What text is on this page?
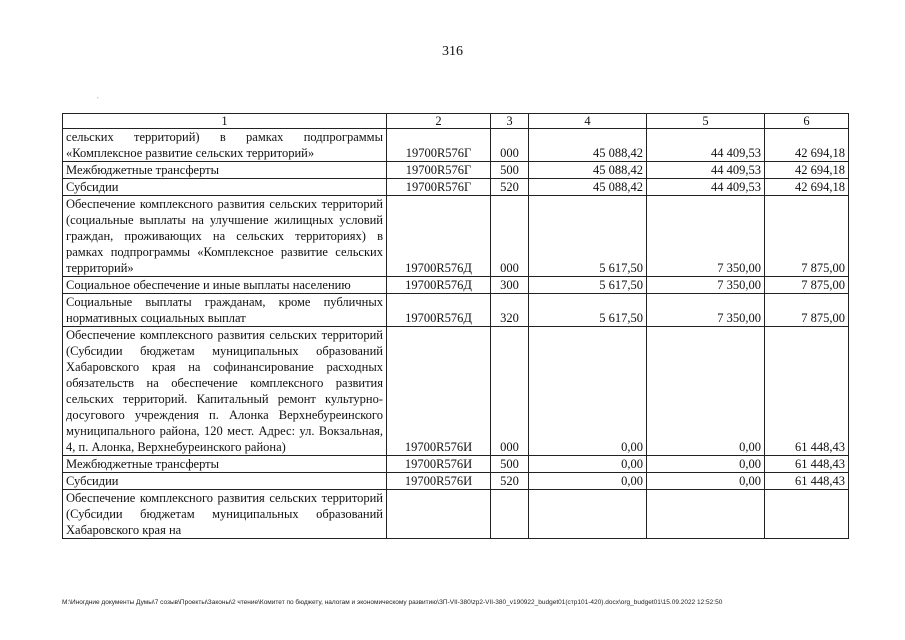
316
,
1	2	3	4	5	6
сельских территорий) в рамках подпрограммы «Комплексное развитие сельских территорий»	19700R576Г	000	45 088,42	44 409,53	42 694,18
Межбюджетные трансферты	19700R576Г	500	45 088,42	44 409,53	42 694,18
Субсидии	19700R576Г	520	45 088,42	44 409,53	42 694,18
Обеспечение комплексного развития сельских территорий (социальные выплаты на улучшение жилищных условий граждан, проживающих на сельских территориях) в рамках подпрограммы «Комплексное развитие сельских территорий»	19700R576Д	000	5 617,50	7 350,00	7 875,00
Социальное обеспечение и иные выплаты населению	19700R576Д	300	5 617,50	7 350,00	7 875,00
Социальные выплаты гражданам, кроме публичных нормативных социальных выплат	19700R576Д	320	5 617,50	7 350,00	7 875,00
Обеспечение комплексного развития сельских территорий (Субсидии бюджетам муниципальных образований Хабаровского края на софинансирование расходных обязательств на обеспечение комплексного развития сельских территорий. Капитальный ремонт культурно-досугового учреждения п. Алонка Верхнебуреинского муниципального района, 120 мест. Адрес: ул. Вокзальная, 4, п. Алонка, Верхнебуреинского района)	19700R576И	000	0,00	0,00	61 448,43
Межбюджетные трансферты	19700R576И	500	0,00	0,00	61 448,43
Субсидии	19700R576И	520	0,00	0,00	61 448,43
Обеспечение комплексного развития сельских территорий (Субсидии бюджетам муниципальных образований Хабаровского края на					
M:\Иногдние документы Думы\7 созыв\Проекты\Законы\2 чтение\Комитет по бюджету, налогам и экономическому развитию\ЗП-VII-380\zp2-VII-380_v190922_budget01(стр101-420).docx\org_budget01\15.09.2022 12:52:50
